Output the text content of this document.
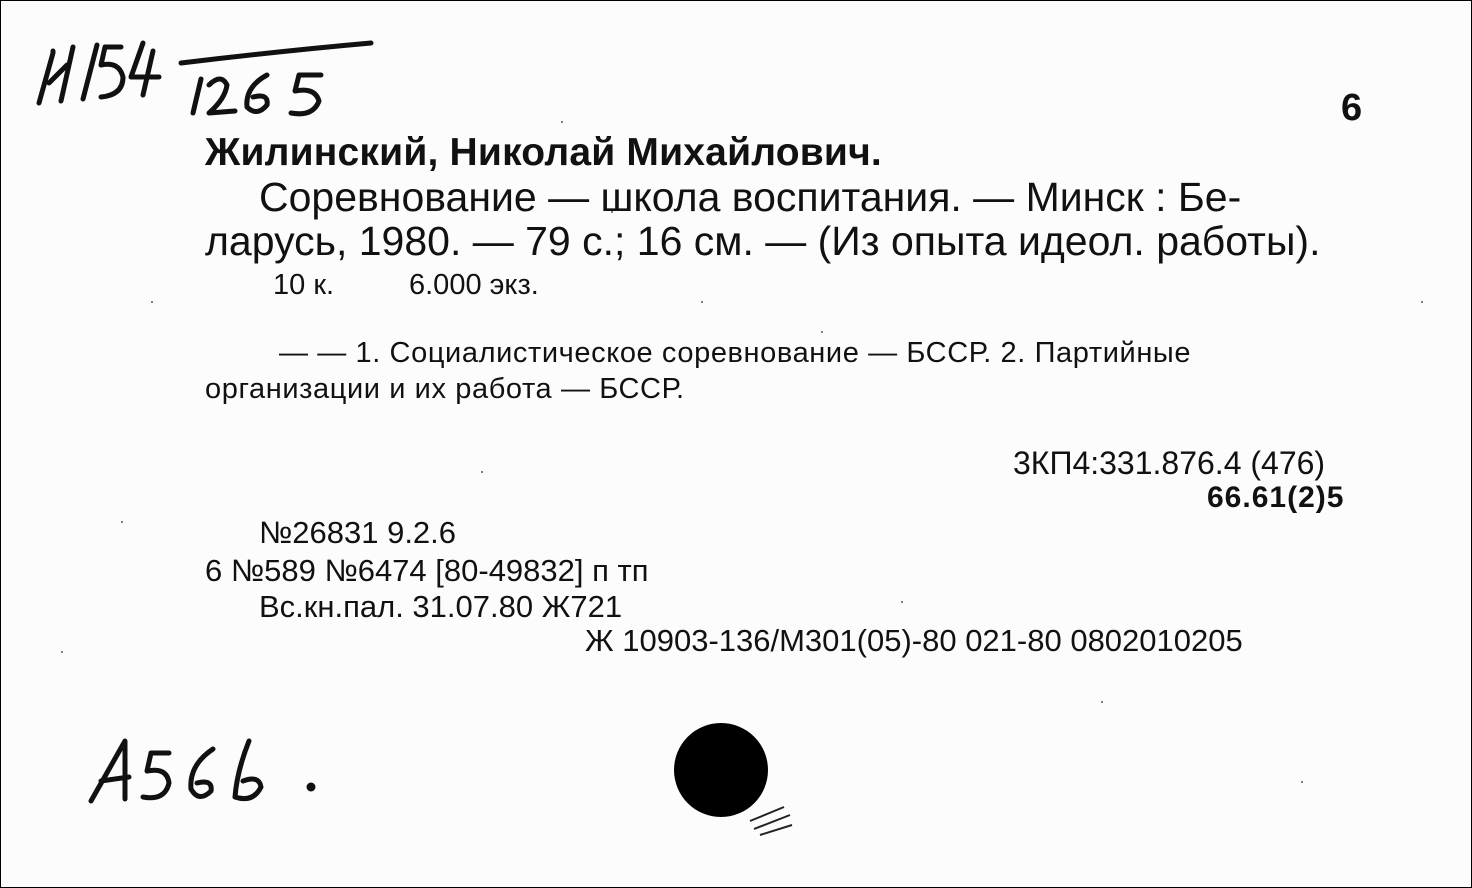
И154 1265
6
Жилинский, Николай Михайлович.
Соревнование — школа воспитания. — Минск : Бе-
ларусь, 1980. — 79 с.; 16 см. — (Из опыта идеол. работы).
10 к.	6.000 экз.
— — 1. Социалистическое соревнование — БССР. 2. Партийные
организации и их работа — БССР.
3КП4:331.876.4 (476)
66.61(2)5
№26831 9.2.6
6 №589 №6474 [80-49832] п тп
Вс.кн.пал. 31.07.80 Ж721
Ж 10903-136/М301(05)-80 021-80 0802010205
А566.
